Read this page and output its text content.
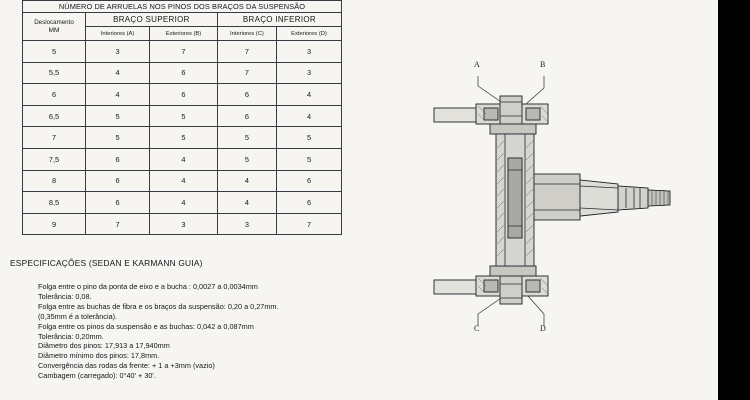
NÚMERO DE ARRUELAS NOS PINOS DOS BRAÇOS DA SUSPENSÃO				

Deslocamento
MM	BRAÇO SUPERIOR		BRAÇO INFERIOR	
	Interiores (A)	Exteriores (B)	Interiores (C)	Exteriores (D)
5	3	7	7	3
5,5	4	6	7	3
6	4	6	6	4
6,5	5	5	6	4
7	5	5	5	5
7,5	6	4	5	5
8	6	4	4	6
8,5	6	4	4	6
9	7	3	3	7
ESPECIFICAÇÕES (SEDAN E KARMANN GUIA)
Folga entre o pino da ponta de eixo e a bucha : 0,0027 a 0,0034mm
Tolerância: 0,08.
Folga entre as buchas de fibra e os braços da suspensão: 0,20 a 0,27mm.
(0,35mm é a tolerância).
Folga entre os pinos da suspensão e as buchas: 0,042 a 0,087mm
Tolerância: 0,20mm.
Diâmetro dos pinos: 17,913 a 17,940mm
Diâmetro mínimo dos pinos: 17,8mm.
Convergência das rodas da frente: + 1 a +3mm (vazio)
Cambagem (carregado): 0°40' + 30'.
A	B
C	D
